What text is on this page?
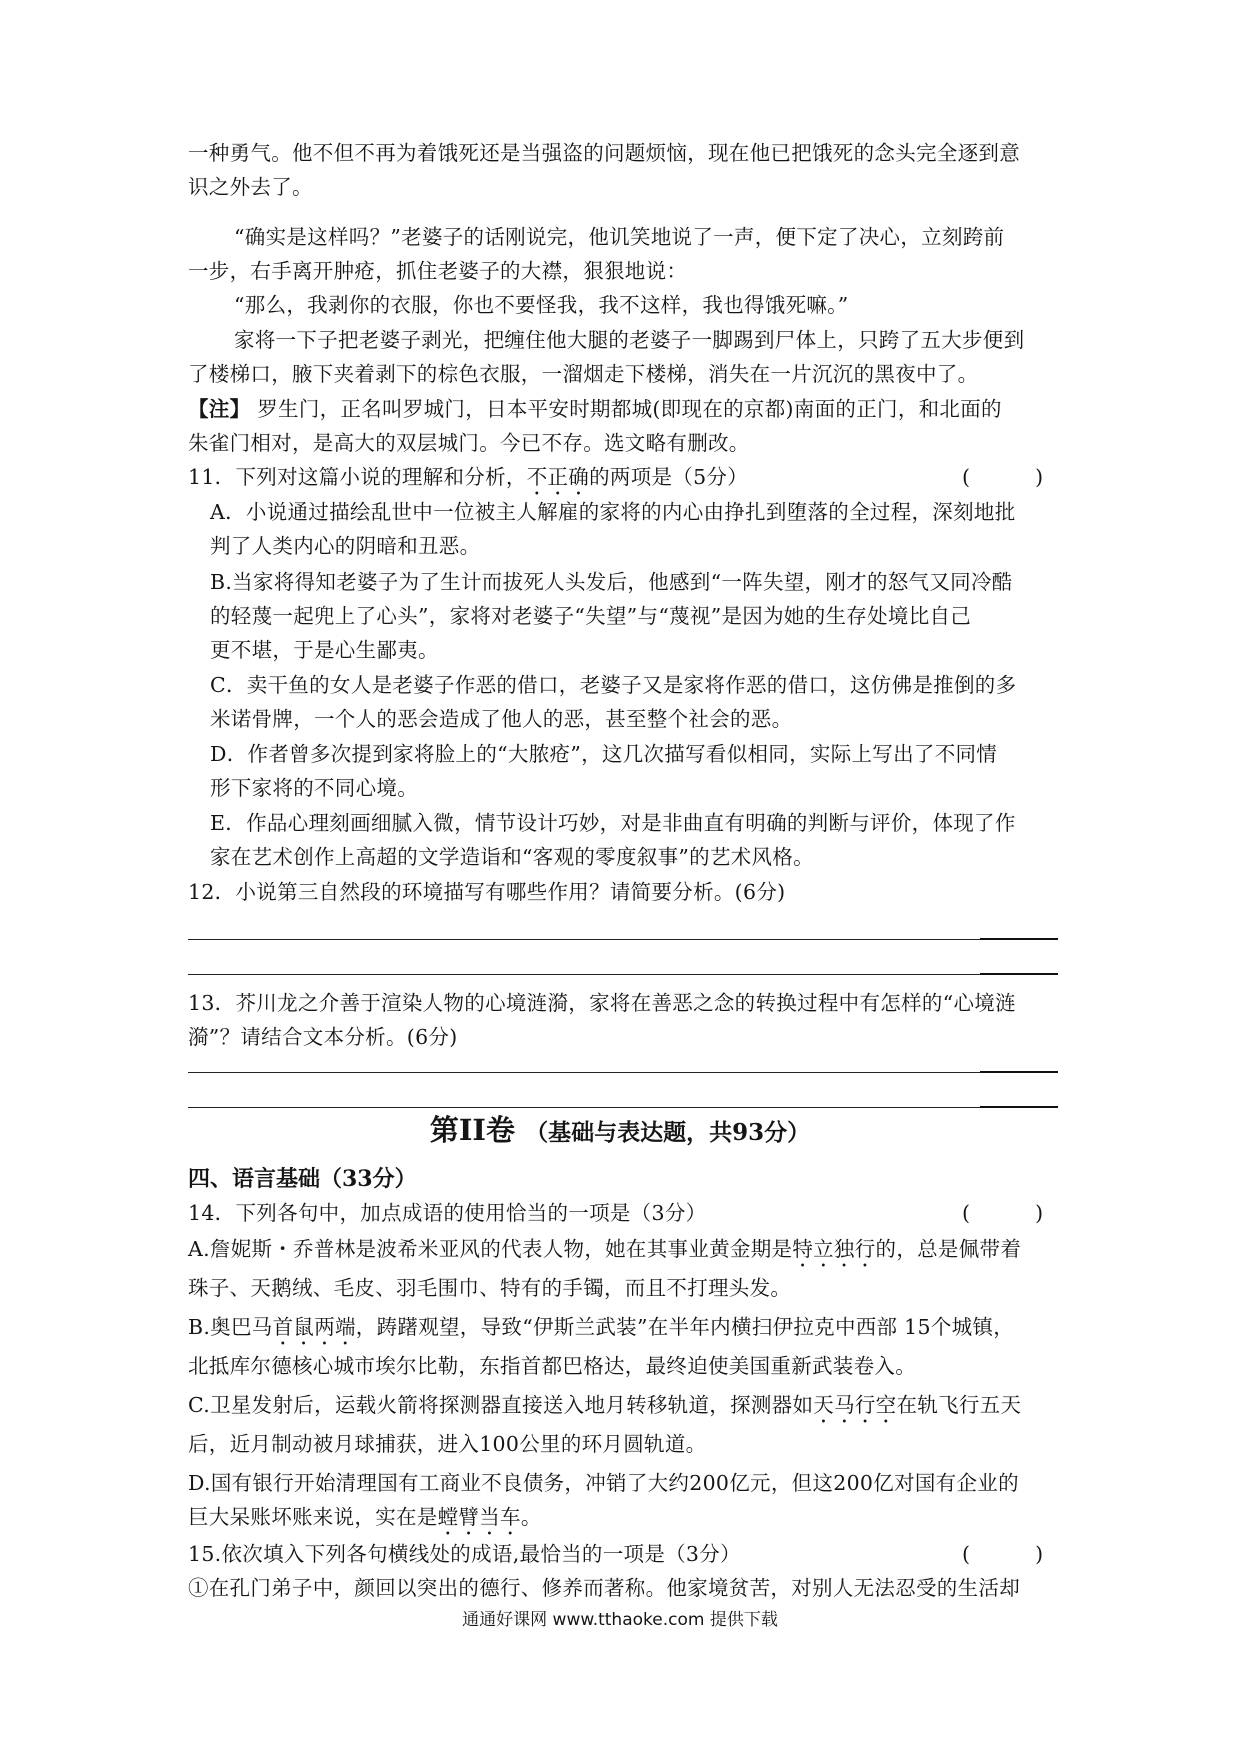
一种勇气。他不但不再为着饿死还是当强盗的问题烦恼，现在他已把饿死的念头完全逐到意
识之外去了。
“确实是这样吗？”老婆子的话刚说完，他讥笑地说了一声，便下定了决心，立刻跨前
一步，右手离开肿疮，抓住老婆子的大襟，狠狠地说：
“那么，我剥你的衣服，你也不要怪我，我不这样，我也得饿死嘛。”
家将一下子把老婆子剥光，把缠住他大腿的老婆子一脚踢到尸体上，只跨了五大步便到
了楼梯口，腋下夹着剥下的棕色衣服，一溜烟走下楼梯，消失在一片沉沉的黑夜中了。
【注】 罗生门，正名叫罗城门，日本平安时期都城(即现在的京都)南面的正门，和北面的
朱雀门相对，是高大的双层城门。今已不存。选文略有删改。
11．下列对这篇小说的理解和分析，不正确的两项是（5分）	(          )
A．小说通过描绘乱世中一位被主人解雇的家将的内心由挣扎到堕落的全过程，深刻地批
判了人类内心的阴暗和丑恶。
B.当家将得知老婆子为了生计而拔死人头发后，他感到“一阵失望，刚才的怒气又同冷酷
的轻蔑一起兜上了心头”，家将对老婆子“失望”与“蔑视”是因为她的生存处境比自己
更不堪，于是心生鄙夷。
C．卖干鱼的女人是老婆子作恶的借口，老婆子又是家将作恶的借口，这仿佛是推倒的多
米诺骨牌，一个人的恶会造成了他人的恶，甚至整个社会的恶。
D．作者曾多次提到家将脸上的“大脓疮”，这几次描写看似相同，实际上写出了不同情
形下家将的不同心境。
E．作品心理刻画细腻入微，情节设计巧妙，对是非曲直有明确的判断与评价，体现了作
家在艺术创作上高超的文学造诣和“客观的零度叙事”的艺术风格。
12．小说第三自然段的环境描写有哪些作用？请简要分析。(6分)
13．芥川龙之介善于渲染人物的心境涟漪，家将在善恶之念的转换过程中有怎样的“心境涟
漪”？请结合文本分析。(6分)
第II卷 （基础与表达题，共93分）
四、语言基础（33分）
14．下列各句中，加点成语的使用恰当的一项是（3分）	(          )
A.詹妮斯・乔普林是波希米亚风的代表人物，她在其事业黄金期是特立独行的，总是佩带着
珠子、天鹅绒、毛皮、羽毛围巾、特有的手镯，而且不打理头发。
B.奥巴马首鼠两端，踌躇观望，导致“伊斯兰武装”在半年内横扫伊拉克中西部 15个城镇，
北抵库尔德核心城市埃尔比勒，东指首都巴格达，最终迫使美国重新武装卷入。
C.卫星发射后，运载火箭将探测器直接送入地月转移轨道，探测器如天马行空在轨飞行五天
后，近月制动被月球捕获，进入100公里的环月圆轨道。
D.国有银行开始清理国有工商业不良债务，冲销了大约200亿元，但这200亿对国有企业的
巨大呆账坏账来说，实在是螳臂当车。
15.依次填入下列各句横线处的成语,最恰当的一项是（3分）	(          )
①在孔门弟子中，颜回以突出的德行、修养而著称。他家境贫苦，对别人无法忍受的生活却
通通好课网 www.tthaoke.com 提供下载
